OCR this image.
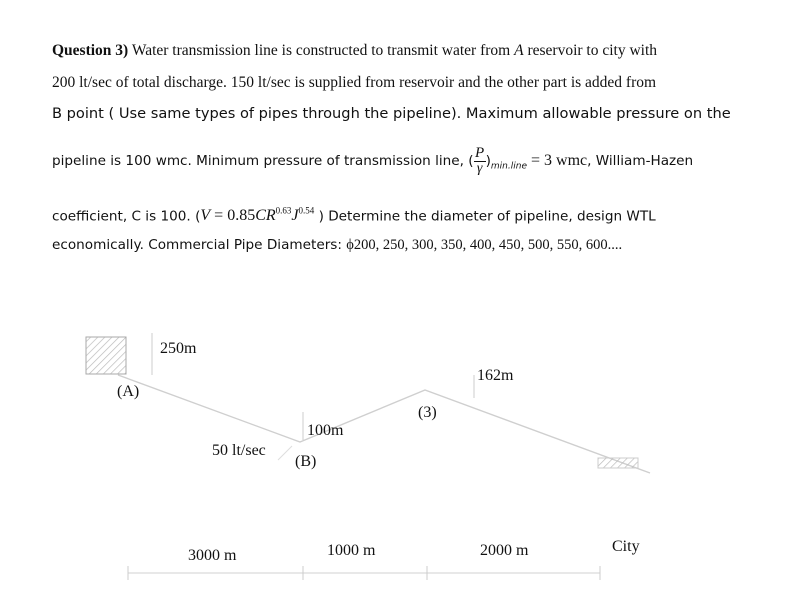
Question 3) Water transmission line is constructed to transmit water from A reservoir to city with
200 lt/sec of total discharge. 150 lt/sec is supplied from reservoir and the other part is added from
B point ( Use same types of pipes through the pipeline). Maximum allowable pressure on the
pipeline is 100 wmc. Minimum pressure of transmission line, ( $\frac{P}{\gamma} )_{min.line} = 3$ wmc, William-Hazen
coefficient, C is 100. ($V = 0.85CR^{0.63}J^{0.54}$ ) Determine the diameter of pipeline, design WTL
economically. Commercial Pipe Diameters: ϕ200, 250, 300, 350, 400, 450, 500, 550, 600....
250m
(A)
162m
(3)
100m
50 lt/sec
(B)
3000 m	1000 m	2000 m	City
